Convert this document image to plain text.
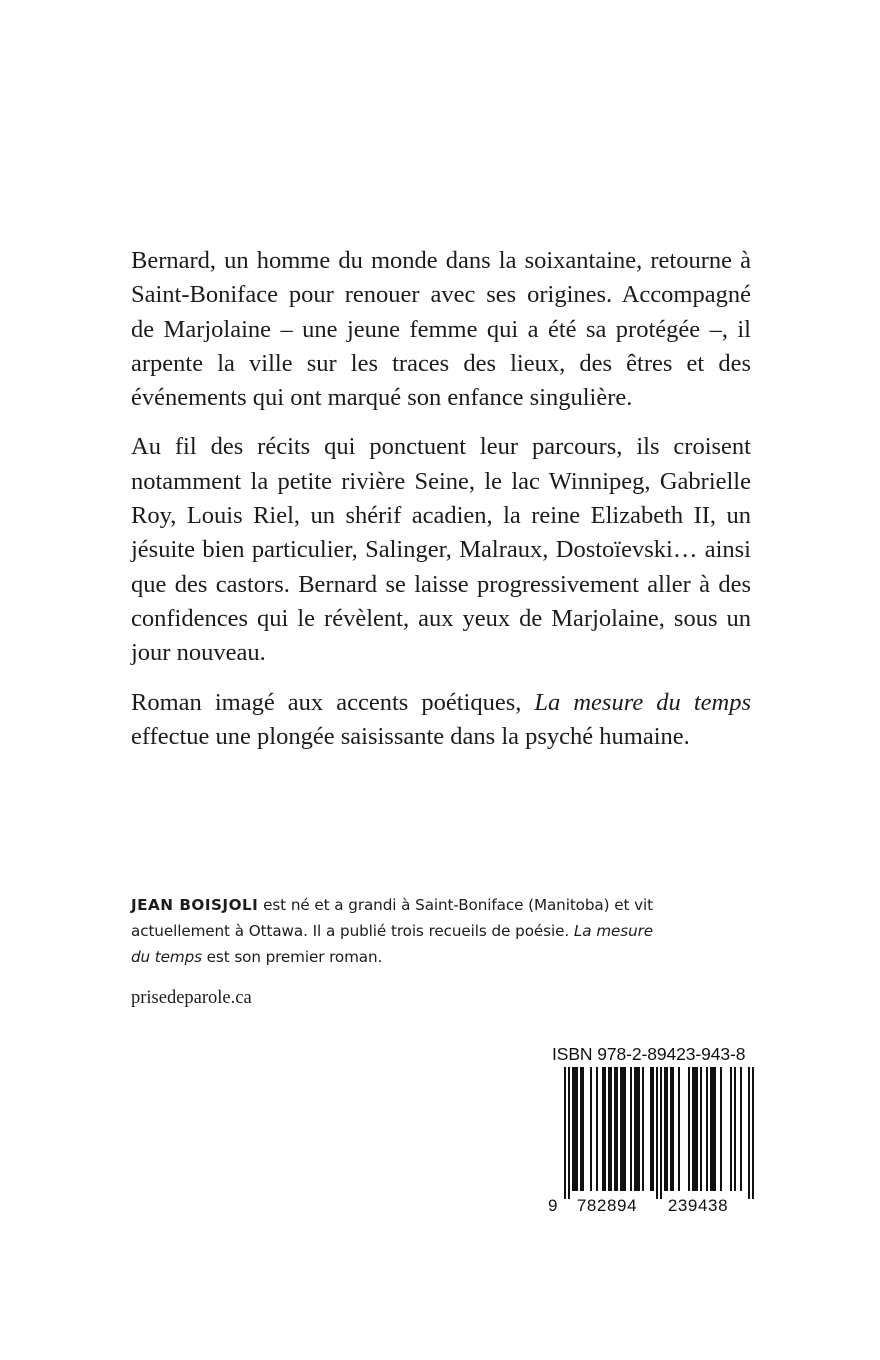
Bernard, un homme du monde dans la soixantaine, retourne à Saint-Boniface pour renouer avec ses origines. Accompagné de Marjolaine – une jeune femme qui a été sa protégée –, il arpente la ville sur les traces des lieux, des êtres et des événements qui ont marqué son enfance singulière.

Au fil des récits qui ponctuent leur parcours, ils croisent notamment la petite rivière Seine, le lac Winnipeg, Gabrielle Roy, Louis Riel, un shérif acadien, la reine Elizabeth II, un jésuite bien particulier, Salinger, Malraux, Dostoïevski… ainsi que des castors. Bernard se laisse progressivement aller à des confidences qui le révèlent, aux yeux de Marjolaine, sous un jour nouveau.

Roman imagé aux accents poétiques, La mesure du temps effectue une plongée saisissante dans la psyché humaine.

JEAN BOISJOLI est né et a grandi à Saint-Boniface (Manitoba) et vit actuellement à Ottawa. Il a publié trois recueils de poésie. La mesure du temps est son premier roman.

prisedeparole.ca
ISBN 978-2-89423-943-8
9 782894 239438
